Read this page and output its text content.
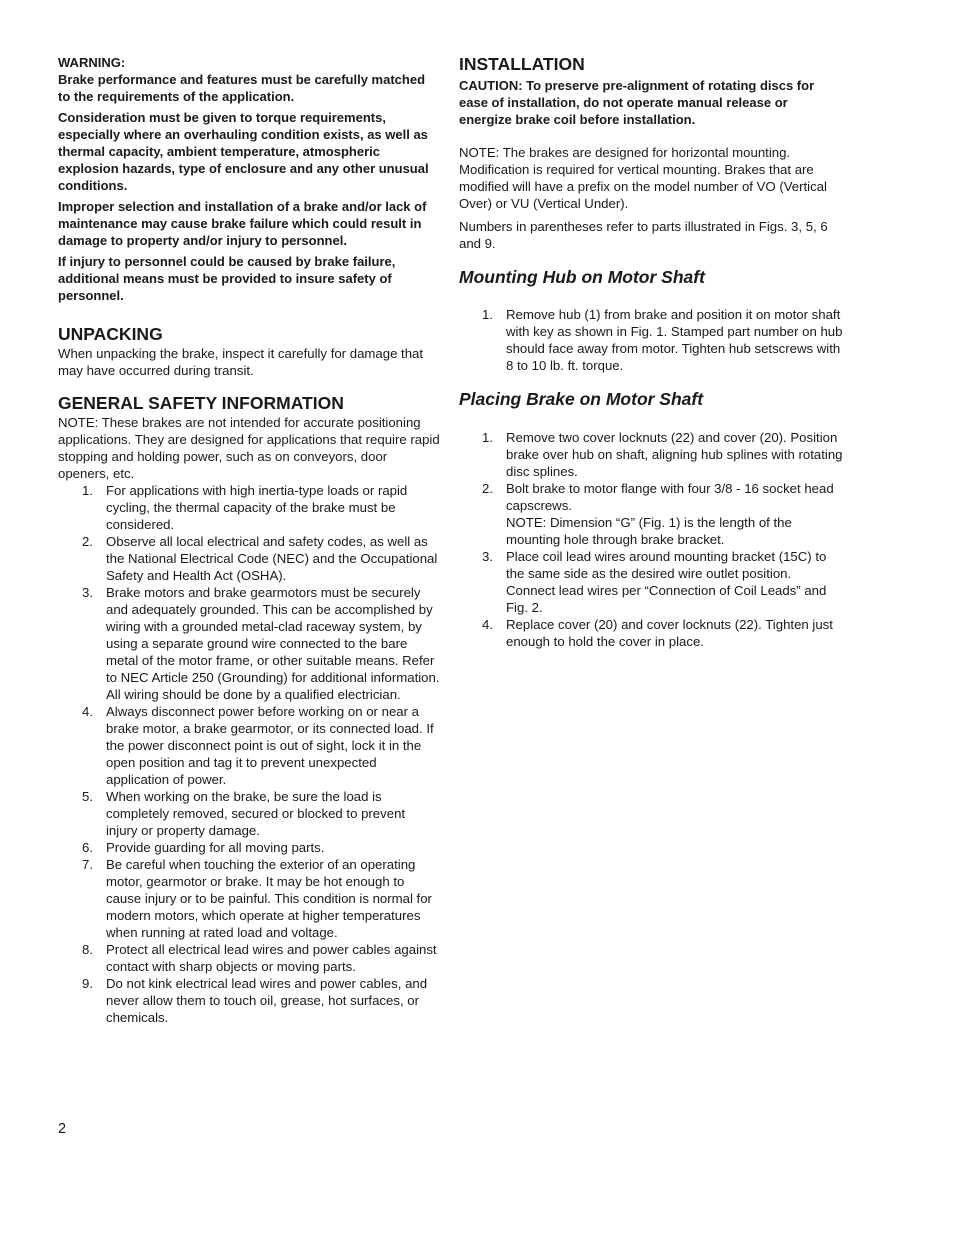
WARNING:

Brake performance and features must be carefully matched to the requirements of the application.

Consideration must be given to torque requirements, especially where an overhauling condition exists, as well as thermal capacity, ambient temperature, atmospheric explosion hazards, type of enclosure and any other unusual conditions.

Improper selection and installation of a brake and/or lack of maintenance may cause brake failure which could result in damage to property and/or injury to personnel.

If injury to personnel could be caused by brake failure, additional means must be provided to insure safety of personnel.

UNPACKING

When unpacking the brake, inspect it carefully for damage that may have occurred during transit.

GENERAL SAFETY INFORMATION

NOTE: These brakes are not intended for accurate positioning applications. They are designed for applications that require rapid stopping and holding power, such as on conveyors, door openers, etc.

1. For applications with high inertia-type loads or rapid cycling, the thermal capacity of the brake must be considered.
2. Observe all local electrical and safety codes, as well as the National Electrical Code (NEC) and the Occupational Safety and Health Act (OSHA).
3. Brake motors and brake gearmotors must be securely and adequately grounded. This can be accomplished by wiring with a grounded metal-clad raceway system, by using a separate ground wire connected to the bare metal of the motor frame, or other suitable means. Refer to NEC Article 250 (Grounding) for additional information. All wiring should be done by a qualified electrician.
4. Always disconnect power before working on or near a brake motor, a brake gearmotor, or its connected load. If the power disconnect point is out of sight, lock it in the open position and tag it to prevent unexpected application of power.
5. When working on the brake, be sure the load is completely removed, secured or blocked to prevent injury or property damage.
6. Provide guarding for all moving parts.
7. Be careful when touching the exterior of an operating motor, gearmotor or brake. It may be hot enough to cause injury or to be painful. This condition is normal for modern motors, which operate at higher temperatures when running at rated load and voltage.
8. Protect all electrical lead wires and power cables against contact with sharp objects or moving parts.
9. Do not kink electrical lead wires and power cables, and never allow them to touch oil, grease, hot surfaces, or chemicals.
INSTALLATION

CAUTION: To preserve pre-alignment of rotating discs for ease of installation, do not operate manual release or energize brake coil before installation.

NOTE: The brakes are designed for horizontal mounting. Modification is required for vertical mounting. Brakes that are modified will have a prefix on the model number of VO (Vertical Over) or VU (Vertical Under).

Numbers in parentheses refer to parts illustrated in Figs. 3, 5, 6 and 9.

Mounting Hub on Motor Shaft
1. Remove hub (1) from brake and position it on motor shaft with key as shown in Fig. 1. Stamped part number on hub should face away from motor. Tighten hub setscrews with 8 to 10 lb. ft. torque.
Placing Brake on Motor Shaft
1. Remove two cover locknuts (22) and cover (20). Position brake over hub on shaft, aligning hub splines with rotating disc splines.
2. Bolt brake to motor flange with four 3/8 - 16 socket head capscrews.
NOTE: Dimension “G” (Fig. 1) is the length of the mounting hole through brake bracket.
3. Place coil lead wires around mounting bracket (15C) to the same side as the desired wire outlet position. Connect lead wires per “Connection of Coil Leads” and Fig. 2.
4. Replace cover (20) and cover locknuts (22). Tighten just enough to hold the cover in place.
2
